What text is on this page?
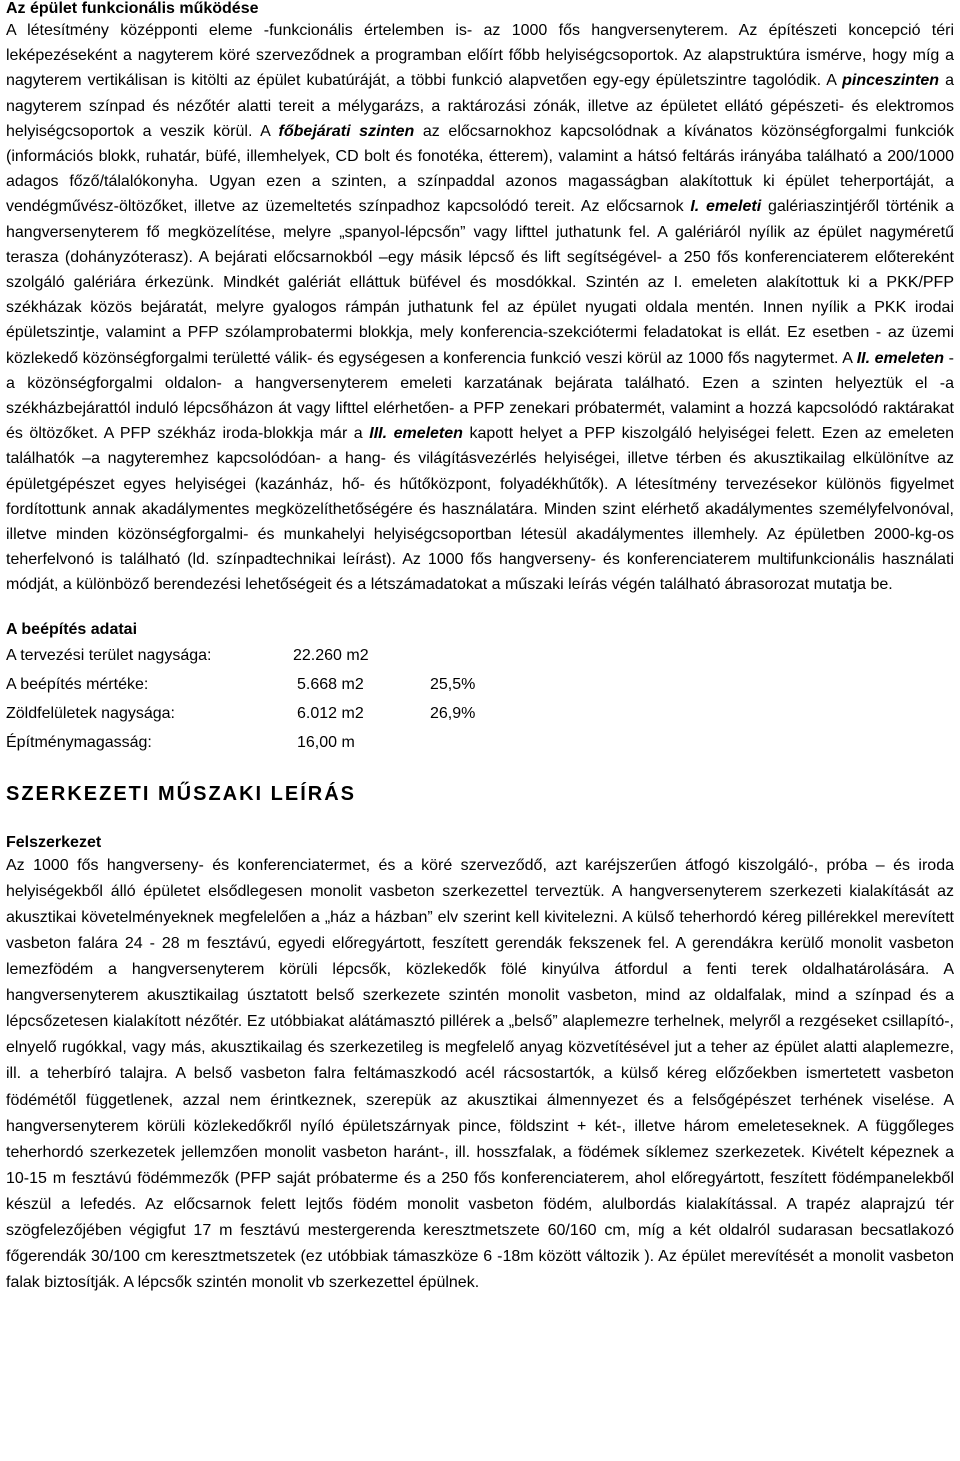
Az épület funkcionális működése

A létesítmény középponti eleme -funkcionális értelemben is- az 1000 fős hangversenyterem. Az építészeti koncepció téri leképezéseként a nagyterem köré szerveződnek a programban előírt főbb helyiségcsoportok. Az alapstruktúra ismérve, hogy míg a nagyterem vertikálisan is kitölti az épület kubatúráját, a többi funkció alapvetően egy-egy épületszintre tagolódik. A pinceszinten a nagyterem színpad és nézőtér alatti tereit a mélygarázs, a raktározási zónák, illetve az épületet ellátó gépészeti- és elektromos helyiségcsoportok a veszik körül. A főbejárati szinten az előcsarnokhoz kapcsolódnak a kívánatos közönségforgalmi funkciók (információs blokk, ruhatár, büfé, illemhelyek, CD bolt és fonotéka, étterem), valamint a hátsó feltárás irányába található a 200/1000 adagos főző/tálalókonyha. Ugyan ezen a szinten, a színpaddal azonos magasságban alakítottuk ki épület teherportáját, a vendégművész-öltözőket, illetve az üzemeltetés színpadhoz kapcsolódó tereit. Az előcsarnok I. emeleti galériaszintjéről történik a hangversenyterem fő megközelítése, melyre „spanyol-lépcsőn” vagy lifttel juthatunk fel. A galériáról nyílik az épület nagyméretű terasza (dohányzóterasz). A bejárati előcsarnokból –egy másik lépcső és lift segítségével- a 250 fős konferenciaterem előtereként szolgáló galériára érkezünk. Mindkét galériát elláttuk büfével és mosdókkal. Szintén az I. emeleten alakítottuk ki a PKK/PFP székházak közös bejáratát, melyre gyalogos rámpán juthatunk fel az épület nyugati oldala mentén. Innen nyílik a PKK irodai épületszintje, valamint a PFP szólamprobatermi blokkja, mely konferencia-szekciótermi feladatokat is ellát. Ez esetben - az üzemi közlekedő közönségforgalmi területté válik- és egységesen a konferencia funkció veszi körül az 1000 fős nagytermet. A II. emeleten -a közönségforgalmi oldalon- a hangversenyterem emeleti karzatának bejárata található. Ezen a szinten helyeztük el -a székházbejárattól induló lépcsőházon át vagy lifttel elérhetően- a PFP zenekari próbatermét, valamint a hozzá kapcsolódó raktárakat és öltözőket. A PFP székház iroda-blokkja már a III. emeleten kapott helyet a PFP kiszolgáló helyiségei felett. Ezen az emeleten találhatók –a nagyteremhez kapcsolódóan- a hang- és világításvezérlés helyiségei, illetve térben és akusztikailag elkülönítve az épületgépészet egyes helyiségei (kazánház, hő- és hűtőközpont, folyadékhűtők). A létesítmény tervezésekor különös figyelmet fordítottunk annak akadálymentes megközelíthetőségére és használatára. Minden szint elérhető akadálymentes személyfelvonóval, illetve minden közönségforgalmi- és munkahelyi helyiségcsoportban létesül akadálymentes illemhely. Az épületben 2000-kg-os teherfelvonó is található (ld. színpadtechnikai leírást). Az 1000 fős hangverseny- és konferenciaterem multifunkcionális használati módját, a különböző berendezési lehetőségeit és a létszámadatokat a műszaki leírás végén található ábrasorozat mutatja be.

A beépítés adatai
A tervezési terület nagysága:	22.260 m2
A beépítés mértéke:	5.668 m2	25,5%
Zöldfelületek nagysága:	6.012 m2	26,9%
Építménymagasság:	16,00 m
SZERKEZETI MŰSZAKI LEÍRÁS
Felszerkezet

Az 1000 fős hangverseny- és konferenciatermet, és a köré szerveződő, azt karéjszerűen átfogó kiszolgáló-, próba – és iroda helyiségekből álló épületet elsődlegesen monolit vasbeton szerkezettel terveztük. A hangversenyterem szerkezeti kialakítását az akusztikai követelményeknek megfelelően a „ház a házban” elv szerint kell kivitelezni. A külső teherhordó kéreg pillérekkel merevített vasbeton falára 24 - 28 m fesztávú, egyedi előregyártott, feszített gerendák fekszenek fel. A gerendákra kerülő monolit vasbeton lemezfödém a hangversenyterem körüli lépcsők, közlekedők fölé kinyúlva átfordul a fenti terek oldalhatárolására. A hangversenyterem akusztikailag úsztatott belső szerkezete szintén monolit vasbeton, mind az oldalfalak, mind a színpad és a lépcsőzetesen kialakított nézőtér. Ez utóbbiakat alátámasztó pillérek a „belső” alaplemezre terhelnek, melyről a rezgéseket csillapító-, elnyelő rugókkal, vagy más, akusztikailag és szerkezetileg is megfelelő anyag közvetítésével jut a teher az épület alatti alaplemezre, ill. a teherbíró talajra. A belső vasbeton falra feltámaszkodó acél rácsostartók, a külső kéreg előzőekben ismertetett vasbeton födémétől függetlenek, azzal nem érintkeznek, szerepük az akusztikai álmennyezet és a felsőgépészet terhének viselése. A hangversenyterem körüli közlekedőkről nyíló épületszárnyak pince, földszint + két-, illetve három emeleteseknek. A függőleges teherhordó szerkezetek jellemzően monolit vasbeton haránt-, ill. hosszfalak, a födémek síklemez szerkezetek. Kivételt képeznek a 10-15 m fesztávú födémmezők (PFP saját próbaterme és a 250 fős konferenciaterem, ahol előregyártott, feszített födémpanelekből készül a lefedés. Az előcsarnok felett lejtős födém monolit vasbeton födém, alulbordás kialakítással. A trapéz alaprajzú tér szögfelezőjében végigfut 17 m fesztávú mestergerenda keresztmetszete 60/160 cm, míg a két oldalról sudarasan becsatlakozó főgerendák 30/100 cm keresztmetszetek (ez utóbbiak támaszköze 6 -18m között változik ). Az épület merevítését a monolit vasbeton falak biztosítják. A lépcsők szintén monolit vb szerkezettel épülnek.
